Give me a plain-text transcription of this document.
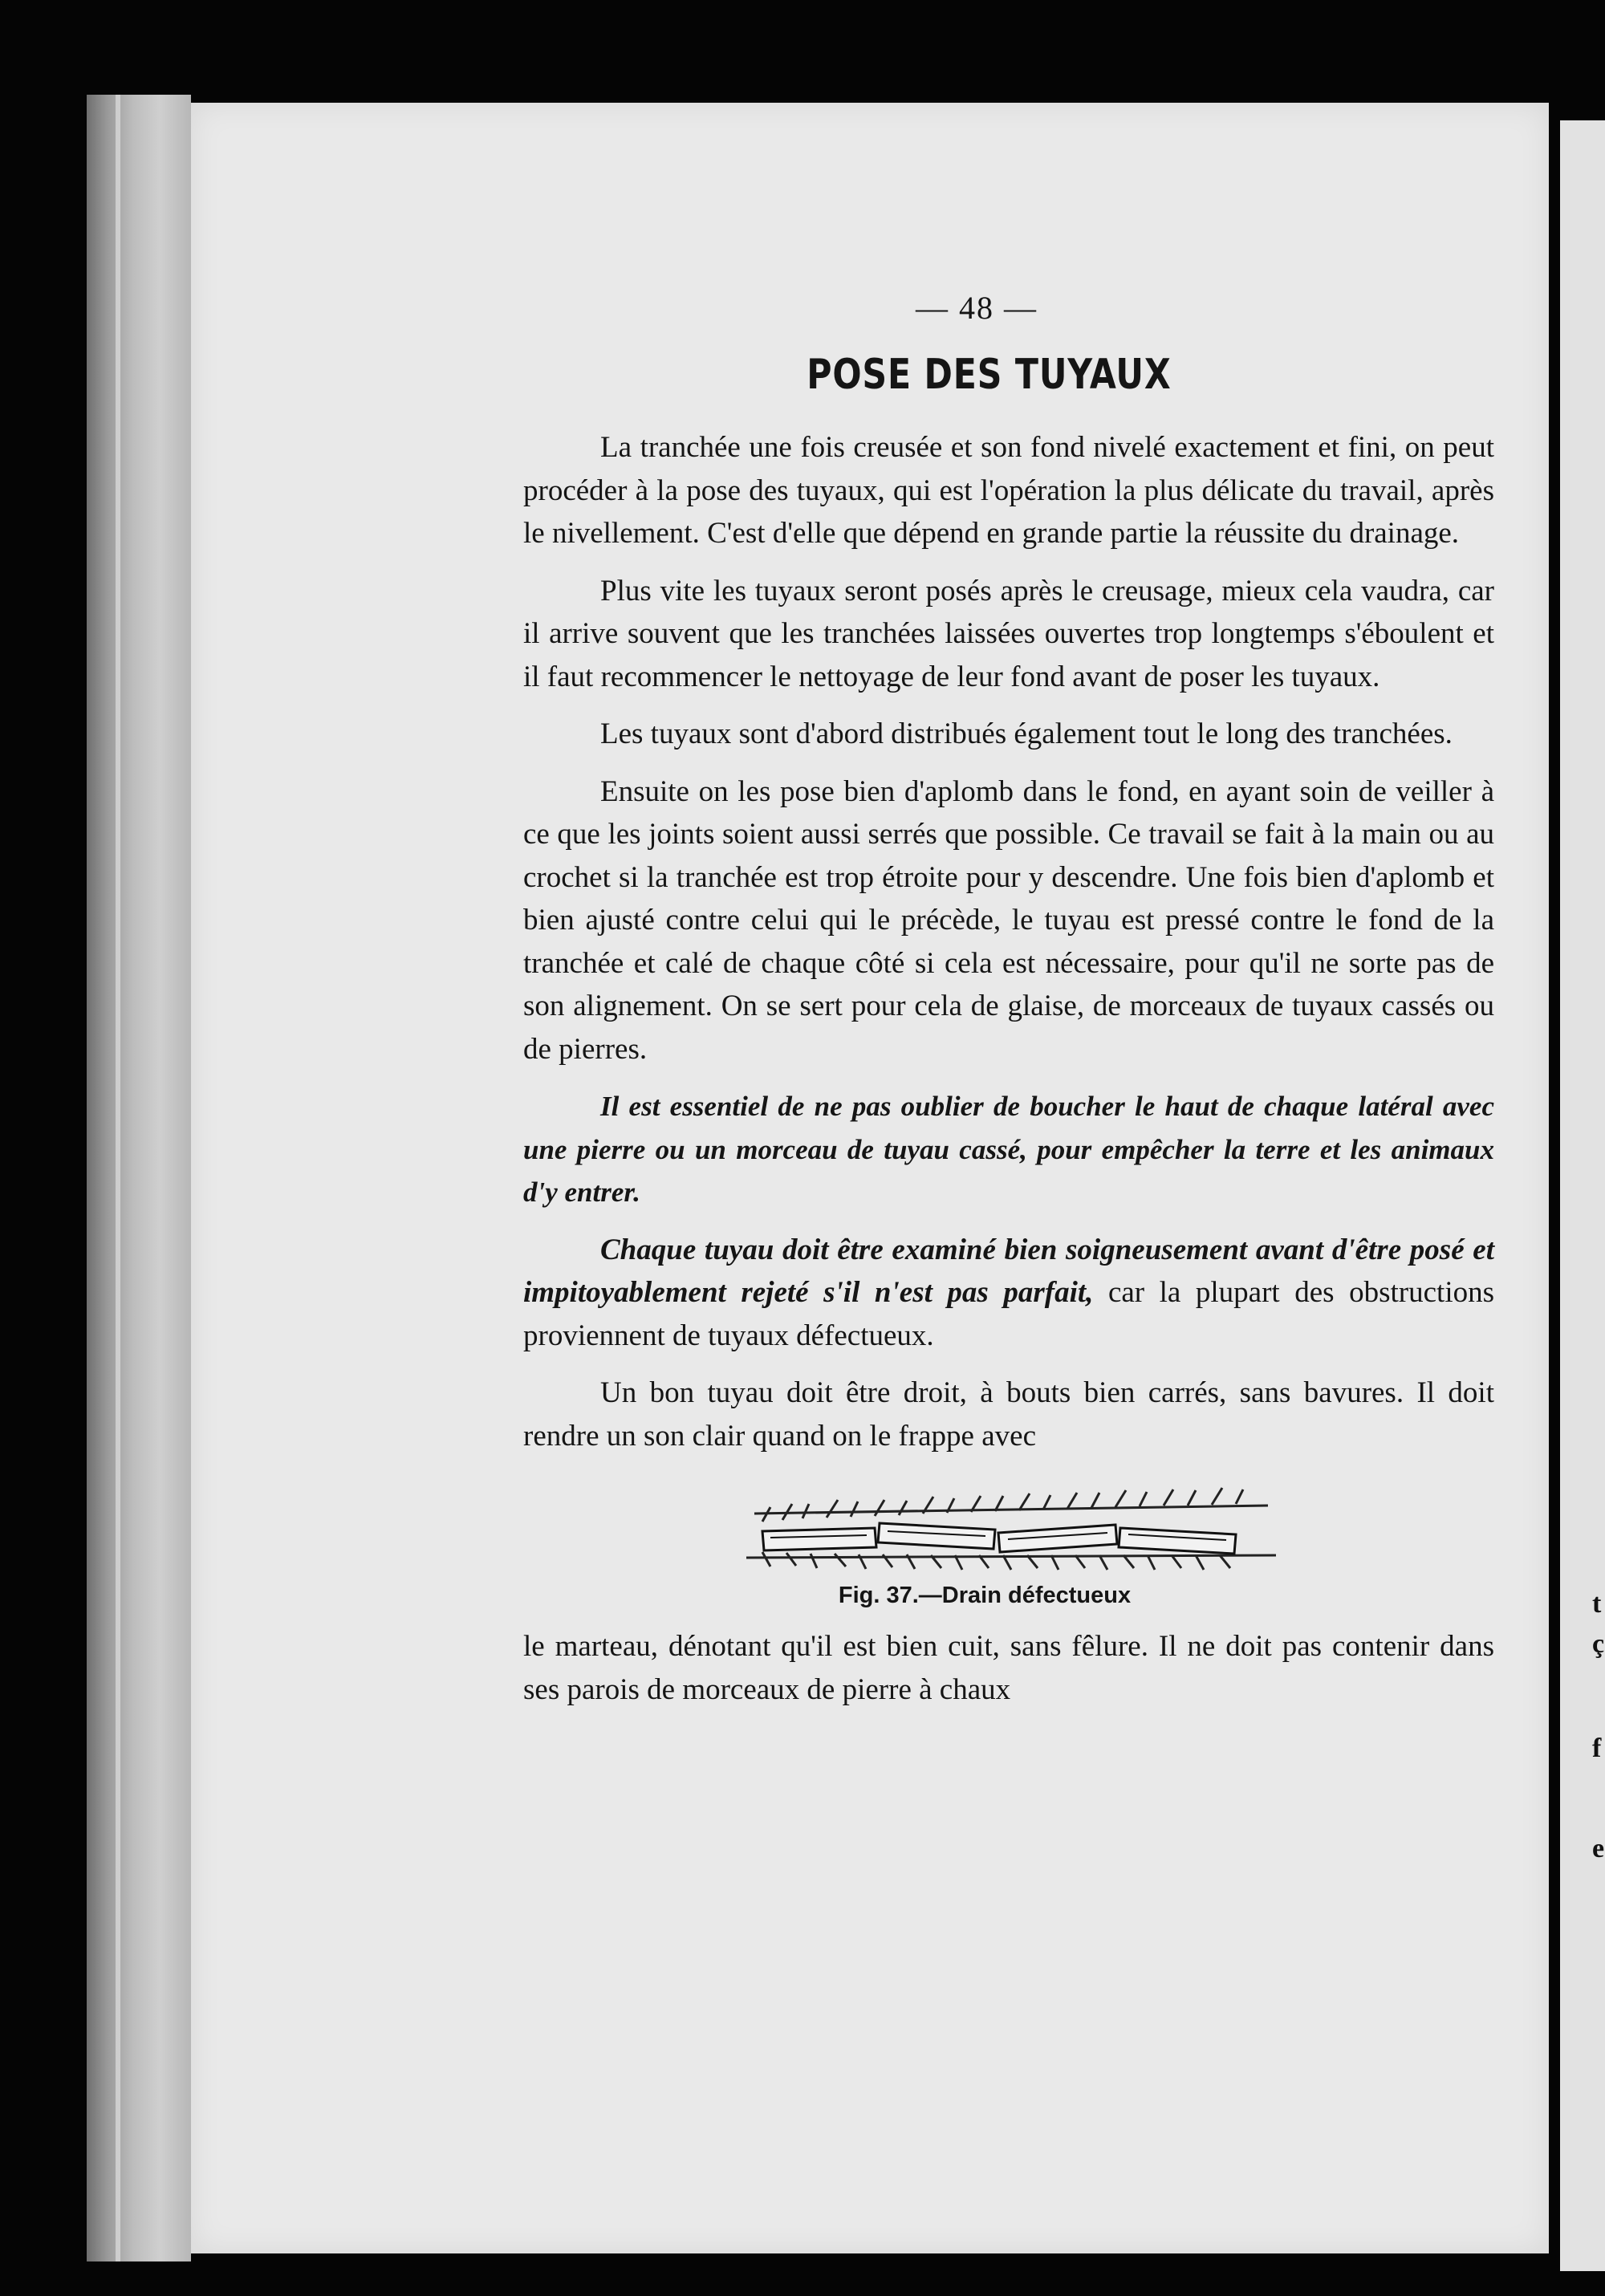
t
ç
f
e
— 48 —
POSE DES TUYAUX

La tranchée une fois creusée et son fond nivelé exactement et fini, on peut procéder à la pose des tuyaux, qui est l'opération la plus délicate du travail, après le nivellement. C'est d'elle que dépend en grande partie la réussite du drainage.

Plus vite les tuyaux seront posés après le creusage, mieux cela vaudra, car il arrive souvent que les tranchées laissées ouvertes trop longtemps s'éboulent et il faut recommencer le nettoyage de leur fond avant de poser les tuyaux.

Les tuyaux sont d'abord distribués également tout le long des tranchées.

Ensuite on les pose bien d'aplomb dans le fond, en ayant soin de veiller à ce que les joints soient aussi serrés que possible. Ce travail se fait à la main ou au crochet si la tranchée est trop étroite pour y descendre. Une fois bien d'aplomb et bien ajusté contre celui qui le précède, le tuyau est pressé contre le fond de la tranchée et calé de chaque côté si cela est nécessaire, pour qu'il ne sorte pas de son alignement. On se sert pour cela de glaise, de morceaux de tuyaux cassés ou de pierres.

Il est essentiel de ne pas oublier de boucher le haut de chaque latéral avec une pierre ou un morceau de tuyau cassé, pour empêcher la terre et les animaux d'y entrer.

Chaque tuyau doit être examiné bien soigneusement avant d'être posé et impitoyablement rejeté s'il n'est pas parfait, car la plupart des obstructions proviennent de tuyaux défectueux.

Un bon tuyau doit être droit, à bouts bien carrés, sans bavures. Il doit rendre un son clair quand on le frappe avec

Fig. 37.—Drain défectueux

le marteau, dénotant qu'il est bien cuit, sans fêlure. Il ne doit pas contenir dans ses parois de morceaux de pierre à chaux
